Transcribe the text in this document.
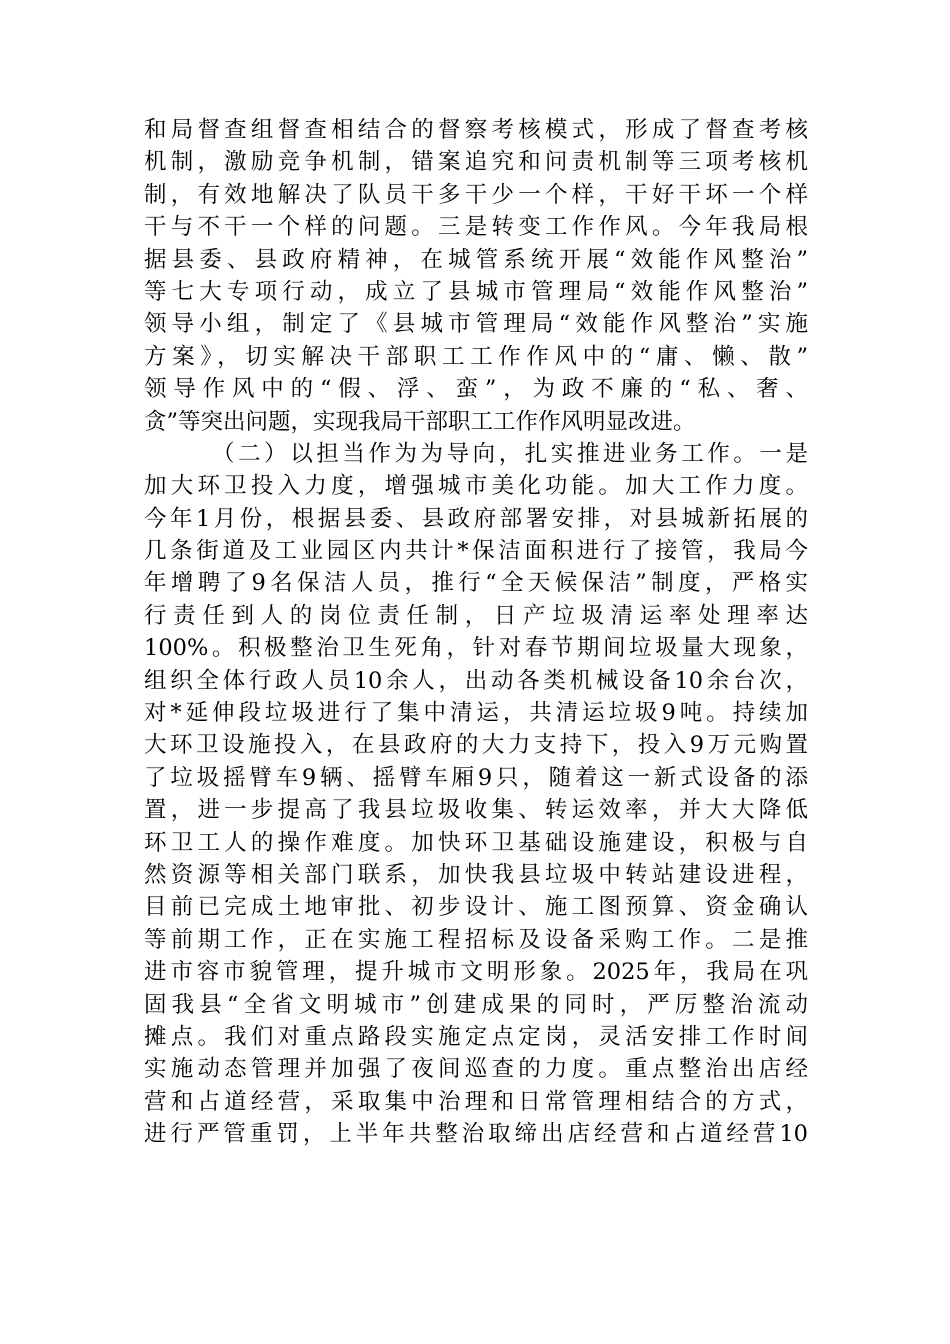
和局督查组督查相结合的督察考核模式，形成了督查考核
机制，激励竞争机制，错案追究和问责机制等三项考核机
制，有效地解决了队员干多干少一个样，干好干坏一个样
干与不干一个样的问题。三是转变工作作风。今年我局根
据县委、县政府精神，在城管系统开展“效能作风整治”
等七大专项行动，成立了县城市管理局“效能作风整治”
领导小组，制定了《县城市管理局“效能作风整治”实施
方案》，切实解决干部职工工作作风中的“庸、懒、散”
领导作风中的“假、浮、蛮”，为政不廉的“私、奢、
贪”等突出问题，实现我局干部职工工作作风明显改进。
（二）以担当作为为导向，扎实推进业务工作。一是
加大环卫投入力度，增强城市美化功能。加大工作力度。
今年1月份，根据县委、县政府部署安排，对县城新拓展的
几条街道及工业园区内共计*保洁面积进行了接管，我局今
年增聘了9名保洁人员，推行“全天候保洁”制度，严格实
行责任到人的岗位责任制，日产垃圾清运率处理率达
100%。积极整治卫生死角，针对春节期间垃圾量大现象，
组织全体行政人员10余人，出动各类机械设备10余台次，
对*延伸段垃圾进行了集中清运，共清运垃圾9吨。持续加
大环卫设施投入，在县政府的大力支持下，投入9万元购置
了垃圾摇臂车9辆、摇臂车厢9只，随着这一新式设备的添
置，进一步提高了我县垃圾收集、转运效率，并大大降低
环卫工人的操作难度。加快环卫基础设施建设，积极与自
然资源等相关部门联系，加快我县垃圾中转站建设进程，
目前已完成土地审批、初步设计、施工图预算、资金确认
等前期工作，正在实施工程招标及设备采购工作。二是推
进市容市貌管理，提升城市文明形象。2025年，我局在巩
固我县“全省文明城市”创建成果的同时，严厉整治流动
摊点。我们对重点路段实施定点定岗，灵活安排工作时间
实施动态管理并加强了夜间巡查的力度。重点整治出店经
营和占道经营，采取集中治理和日常管理相结合的方式，
进行严管重罚，上半年共整治取缔出店经营和占道经营10
